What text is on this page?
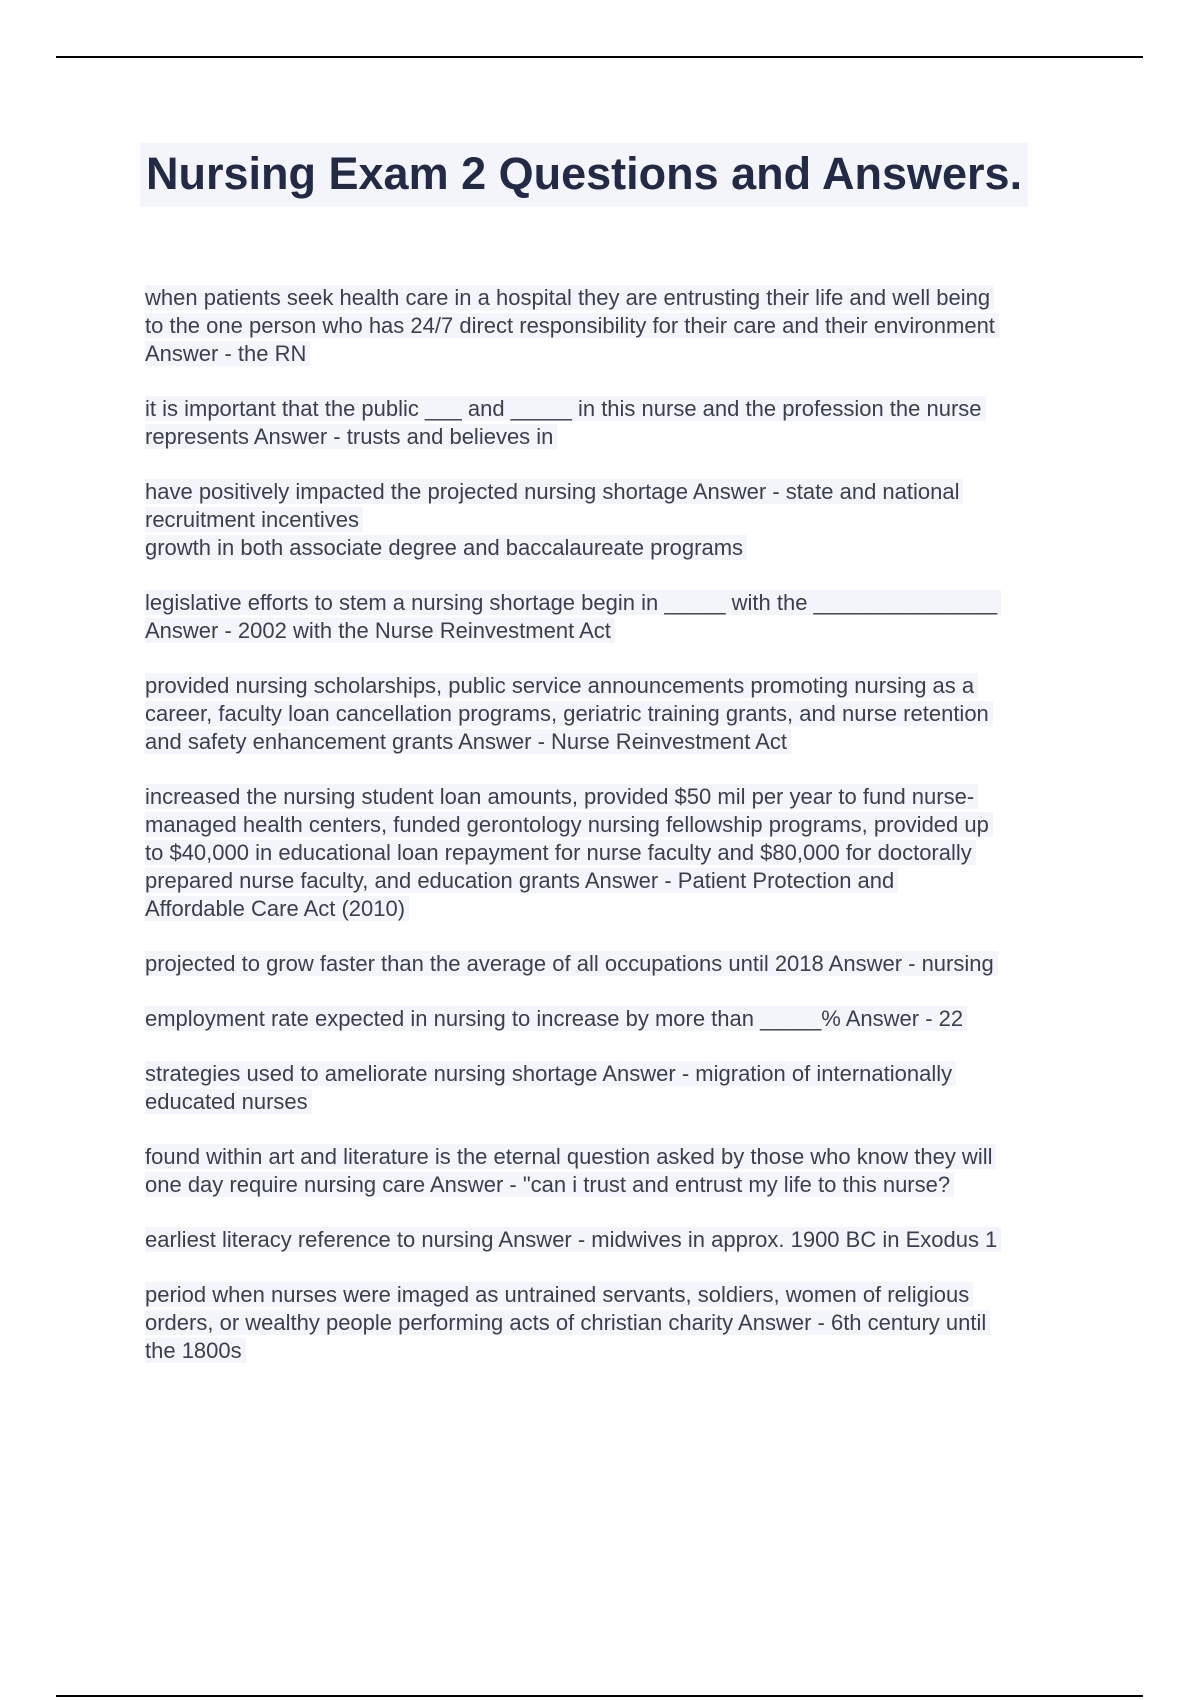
Nursing Exam 2 Questions and Answers.

when patients seek health care in a hospital they are entrusting their life and well being
to the one person who has 24/7 direct responsibility for their care and their environment
Answer - the RN

it is important that the public ___ and _____ in this nurse and the profession the nurse
represents Answer - trusts and believes in

have positively impacted the projected nursing shortage Answer - state and national
recruitment incentives
growth in both associate degree and baccalaureate programs

legislative efforts to stem a nursing shortage begin in _____ with the _______________
Answer - 2002 with the Nurse Reinvestment Act

provided nursing scholarships, public service announcements promoting nursing as a
career, faculty loan cancellation programs, geriatric training grants, and nurse retention
and safety enhancement grants Answer - Nurse Reinvestment Act

increased the nursing student loan amounts, provided $50 mil per year to fund nurse-
managed health centers, funded gerontology nursing fellowship programs, provided up
to $40,000 in educational loan repayment for nurse faculty and $80,000 for doctorally
prepared nurse faculty, and education grants Answer - Patient Protection and
Affordable Care Act (2010)

projected to grow faster than the average of all occupations until 2018 Answer - nursing

employment rate expected in nursing to increase by more than _____% Answer - 22

strategies used to ameliorate nursing shortage Answer - migration of internationally
educated nurses

found within art and literature is the eternal question asked by those who know they will
one day require nursing care Answer - "can i trust and entrust my life to this nurse?

earliest literacy reference to nursing Answer - midwives in approx. 1900 BC in Exodus 1

period when nurses were imaged as untrained servants, soldiers, women of religious
orders, or wealthy people performing acts of christian charity Answer - 6th century until
the 1800s
